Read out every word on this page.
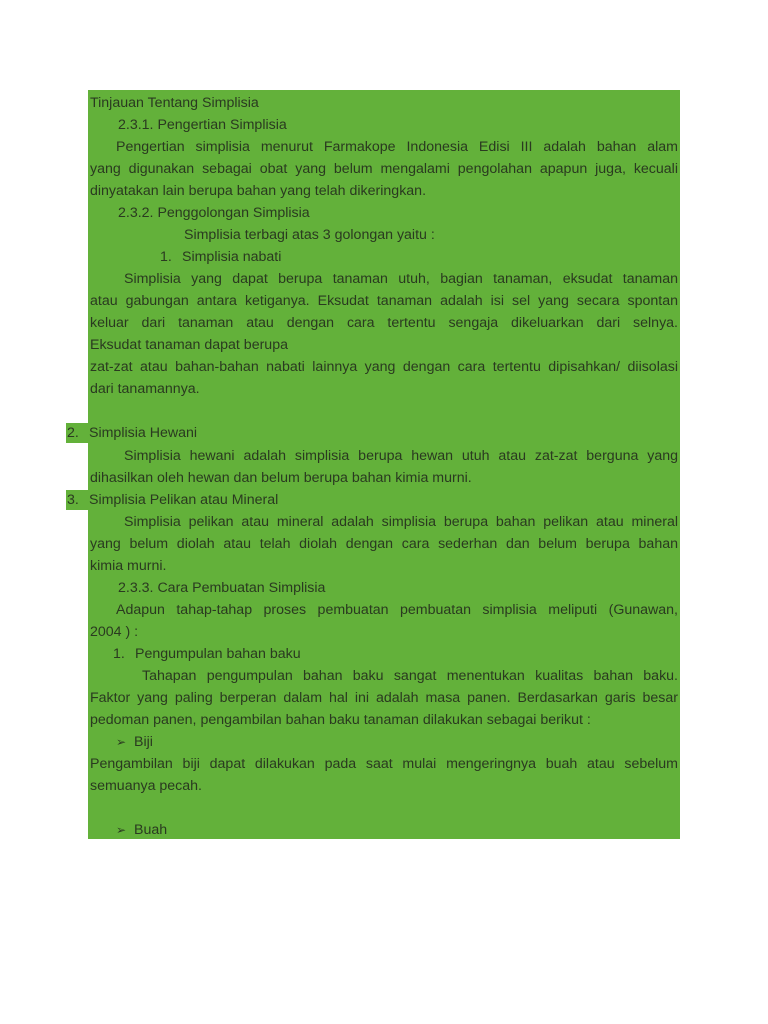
Tinjauan Tentang Simplisia
2.3.1. Pengertian Simplisia
Pengertian simplisia menurut Farmakope Indonesia Edisi III adalah bahan alam
yang digunakan sebagai obat yang belum mengalami pengolahan apapun juga, kecuali
dinyatakan lain berupa bahan yang telah dikeringkan.
2.3.2. Penggolongan Simplisia
Simplisia terbagi atas 3 golongan yaitu :
1. Simplisia nabati
Simplisia yang dapat berupa tanaman utuh, bagian tanaman, eksudat tanaman
atau gabungan antara ketiganya. Eksudat tanaman adalah isi sel yang secara spontan
keluar dari tanaman atau dengan cara tertentu sengaja dikeluarkan dari selnya.
Eksudat tanaman dapat berupa
zat-zat atau bahan-bahan nabati lainnya yang dengan cara tertentu dipisahkan/ diisolasi
dari tanamannya.
2. Simplisia Hewani
Simplisia hewani adalah simplisia berupa hewan utuh atau zat-zat berguna yang
dihasilkan oleh hewan dan belum berupa bahan kimia murni.
3. Simplisia Pelikan atau Mineral
Simplisia pelikan atau mineral adalah simplisia berupa bahan pelikan atau mineral
yang belum diolah atau telah diolah dengan cara sederhan dan belum berupa bahan
kimia murni.
2.3.3. Cara Pembuatan Simplisia
Adapun tahap-tahap proses pembuatan pembuatan simplisia meliputi (Gunawan,
2004 ) :
1. Pengumpulan bahan baku
Tahapan pengumpulan bahan baku sangat menentukan kualitas bahan baku.
Faktor yang paling berperan dalam hal ini adalah masa panen. Berdasarkan garis besar
pedoman panen, pengambilan bahan baku tanaman dilakukan sebagai berikut :
➢ Biji
Pengambilan biji dapat dilakukan pada saat mulai mengeringnya buah atau sebelum
semuanya pecah.
➢ Buah
